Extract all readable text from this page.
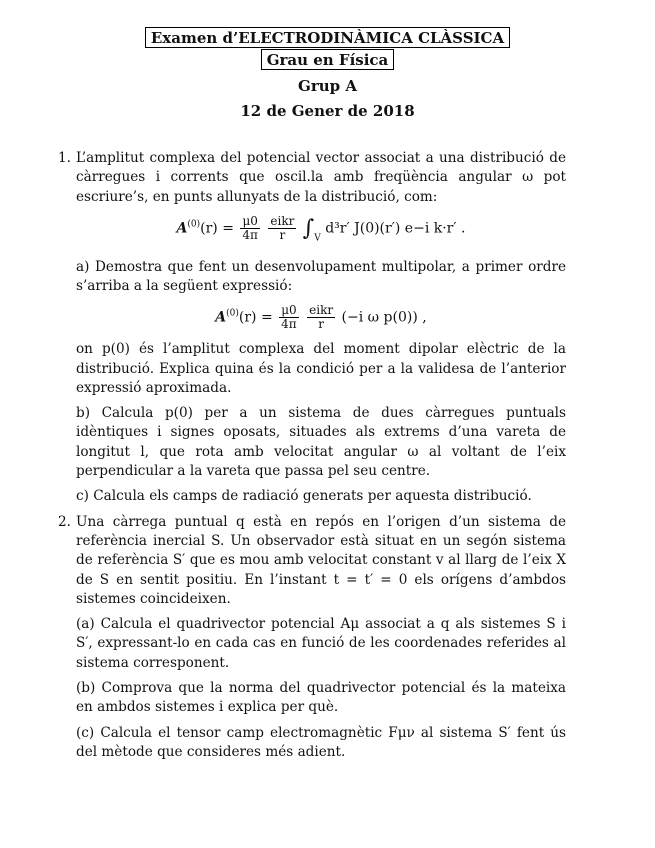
Examen d’ELECTRODINÀMICA CLÀSSICA
Grau en Física
Grup A
12 de Gener de 2018
1. L’amplitut complexa del potencial vector associat a una distribució de càrregues i corrents que oscil.la amb freqüència angular ω pot escriure’s, en punts allunyats de la distribució, com:

$A^{(0)}(r) = \frac{\mu 0}{4\pi}$
$\frac{\text{eikr}}{r} \int_V$ d³r′ J(0)(r′) e−i k·r′ .

a) Demostra que fent un desenvolupament multipolar, a primer ordre s’arriba a la següent expressió:

$A^{(0)}(r) = \frac{\mu 0}{4\pi}$
$\frac{\text{eikr}}{r} (-i$ ω p(0)) ,

on p(0) és l’amplitut complexa del moment dipolar elèctric de la distribució. Explica quina és la condició per a la validesa de l’anterior expressió aproximada.

b) Calcula p(0) per a un sistema de dues càrregues puntuals idèntiques i signes oposats, situades als extrems d’una vareta de longitut l, que rota amb velocitat angular ω al voltant de l’eix perpendicular a la vareta que passa pel seu centre.

c) Calcula els camps de radiació generats per aquesta distribució.

2. Una càrrega puntual q està en repós en l’origen d’un sistema de referència inercial S. Un observador està situat en un segón sistema de referència S′ que es mou amb velocitat constant v al llarg de l’eix X de S en sentit positiu. En l’instant t = t′ = 0 els orígens d’ambdos sistemes coincideixen.

(a) Calcula el quadrivector potencial Aμ associat a q als sistemes S i S′, expressant-lo en cada cas en funció de les coordenades referides al sistema corresponent.

(b) Comprova que la norma del quadrivector potencial és la mateixa en ambdos sistemes i explica per què.

(c) Calcula el tensor camp electromagnètic Fμν al sistema S′ fent ús del mètode que consideres més adient.
